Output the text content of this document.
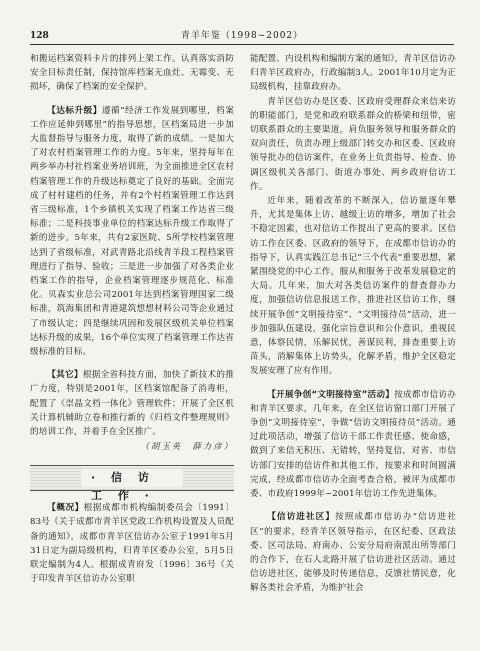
128	青羊年鉴（1998~2002）

和搬运档案资料卡片的排列上架工作。认真落实消防安全目标责任制，保持馆库档案无血灶、无霉变、无损坏，确保了档案的安全保护。

【达标升级】遵循“经济工作发展到哪里，档案工作应延伸到哪里”的指导思想，区档案局进一步加大监督指导与服务力度，取得了新的成绩。一是加大了对农村档案管理工作的力度。5年来，坚持每年在两乡举办村社档案业务培训班，为全面推进全区农村档案管理工作的升级达标奠定了良好的基础。全面完成了村村建档的任务，并有2个村档案管理工作达到省三级标准，1个乡镇机关实现了档案工作达省三级标准；二是科技事业单位的档案达标升级工作取得了新的进步。5年来，共有2家医院、5所学校档案管理达到了省级标准，对武青路北沿线青羊段工程档案管理进行了指导、验收；三是进一步加强了对各类企业档案工作的指导，企业档案管理逐步规范化、标准化。贝森实业总公司2001年达到档案管理国家二级标准，筑海集团和青港建筑想想材料公司等企业通过了市级认定；四是继续巩固和发展区级机关单位档案达标升级的成果，16个单位实现了档案管理工作达省级标准的目标。

【其它】根据全省科技方面，加快了新技术的推广力度，特别是2001年，区档案馆配备了消毒柜，配置了《崇晶文档一体化》管理软件；开展了全区机关计算机辅助立卷和推行新的《归档文件整理规则》的培训工作，并着手在全区推广。

（胡玉英　薛力彦）
· 信 访 工 作 ·

【概况】根据成都市机构编制委员会〔1991〕83号《关于成都市青羊区党政工作机构设置及人员配备的通知》，成都市青羊区信访办公室于1991年5月31日定为副局级机构，归青羊区委办公室，5月5日联定编制为4人。根据成青府发〔1996〕36号《关于印发青羊区信访办公室职

能配置、内设机构和编制方案的通知》，青羊区信访办归青羊区政府办，行政编制3人。2001年10月定为正局级机构，挂靠政府办。

青羊区信访办是区委、区政府受理群众来信来访的职能部门，是党和政府联系群众的桥梁和纽带，密切联系群众的主要渠道，肩负服务领导和服务群众的双向责任，负责办理上级部门转交办和区委、区政府领导批办的信访案件，在业务上负责指导、检查、协调区级机关各部门、街道办事处、两乡政府信访工作。

近年来，随着改革的不断深入，信访量逐年攀升，尤其是集体上访、越级上访的增多，增加了社会不稳定因素，也对信访工作提出了更高的要求。区信访工作在区委、区政府的领导下，在成都市信访办的指导下，认真实践江总书记“三个代表”重要思想，紧紧围绕党的中心工作，服从和服务于改革发展稳定的大局。几年来，加大对各类信访案件的督查督办力度，加强信访信息报送工作，推进社区信访工作，继续开展争创“文明接待室”、“文明接待员”活动，进一步加强队伍建设，强化宗旨意识和公仆意识，重视民意，体察民情，乐解民忧，善谋民利，排查重要上访苗头，消解集体上访势头，化解矛盾，维护全区稳定发展安理了应有作用。

【开展争创“文明接待室”活动】按成都市信访办和青羊区要求，几年来，在全区信访窗口部门开展了争创“文明接待室”，争做“信访文明接待员”活动。通过此项活动，增强了信访干部工作责任感、使命感，做到了来信无积压、无错转，坚持复信，对省、市信访部门安排的信访件和其他工作，按要求和时间圆满完成，经成都市信访办全面考查合格，被评为成都市委、市政府1999年~2001年信访工作先进集体。

【信访进社区】按照成都市信访办“信访进社区”的要求，经青羊区领导指示，在区纪委、区政法委、区司法局、府南办、公安分局府南派出所等部门的合作下，在石人北路开展了信访进社区活动。通过信访进社区，能够及时传递信息，反馈社情民意，化解各类社会矛盾，为维护社会
